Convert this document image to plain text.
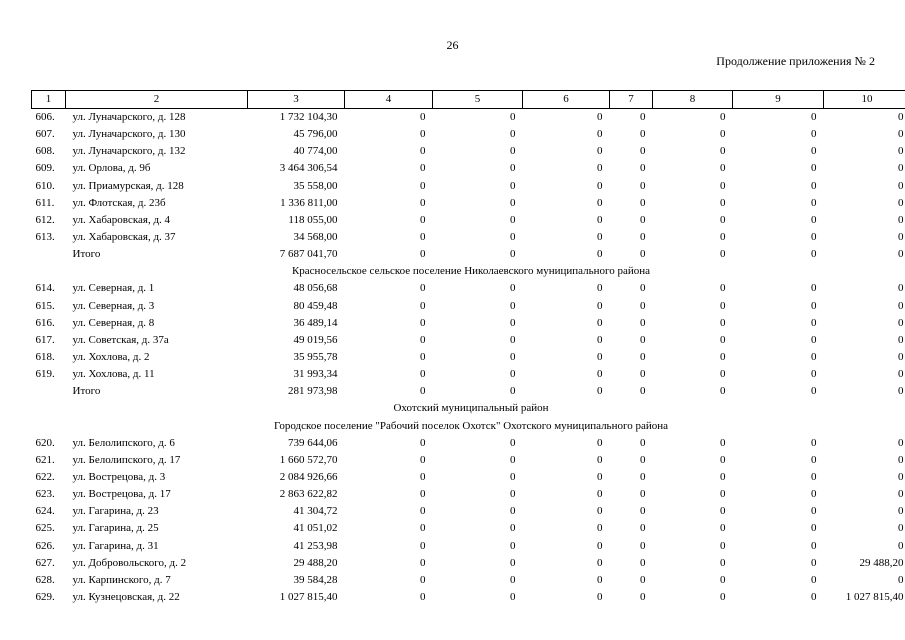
26
Продолжение приложения № 2
1	2	3	4	5	6	7	8	9	10
606.	ул. Луначарского, д. 128	1 732 104,30	0	0	0	0	0	0	0
607.	ул. Луначарского, д. 130	45 796,00	0	0	0	0	0	0	0
608.	ул. Луначарского, д. 132	40 774,00	0	0	0	0	0	0	0
609.	ул. Орлова, д. 9б	3 464 306,54	0	0	0	0	0	0	0
610.	ул. Приамурская, д. 128	35 558,00	0	0	0	0	0	0	0
611.	ул. Флотская, д. 23б	1 336 811,00	0	0	0	0	0	0	0
612.	ул. Хабаровская, д. 4	118 055,00	0	0	0	0	0	0	0
613.	ул. Хабаровская, д. 37	34 568,00	0	0	0	0	0	0	0
	Итого	7 687 041,70	0	0	0	0	0	0	0
Красносельское сельское поселение Николаевского муниципального района									
614.	ул. Северная, д. 1	48 056,68	0	0	0	0	0	0	0
615.	ул. Северная, д. 3	80 459,48	0	0	0	0	0	0	0
616.	ул. Северная, д. 8	36 489,14	0	0	0	0	0	0	0
617.	ул. Советская, д. 37а	49 019,56	0	0	0	0	0	0	0
618.	ул. Хохлова, д. 2	35 955,78	0	0	0	0	0	0	0
619.	ул. Хохлова, д. 11	31 993,34	0	0	0	0	0	0	0
	Итого	281 973,98	0	0	0	0	0	0	0
Охотский муниципальный район									
Городское поселение "Рабочий поселок Охотск" Охотского муниципального района									
620.	ул. Белолипского, д. 6	739 644,06	0	0	0	0	0	0	0
621.	ул. Белолипского, д. 17	1 660 572,70	0	0	0	0	0	0	0
622.	ул. Вострецова, д. 3	2 084 926,66	0	0	0	0	0	0	0
623.	ул. Вострецова, д. 17	2 863 622,82	0	0	0	0	0	0	0
624.	ул. Гагарина, д. 23	41 304,72	0	0	0	0	0	0	0
625.	ул. Гагарина, д. 25	41 051,02	0	0	0	0	0	0	0
626.	ул. Гагарина, д. 31	41 253,98	0	0	0	0	0	0	0
627.	ул. Добровольского, д. 2	29 488,20	0	0	0	0	0	0	29 488,20
628.	ул. Карпинского, д. 7	39 584,28	0	0	0	0	0	0	0
629.	ул. Кузнецовская, д. 22	1 027 815,40	0	0	0	0	0	0	1 027 815,40
